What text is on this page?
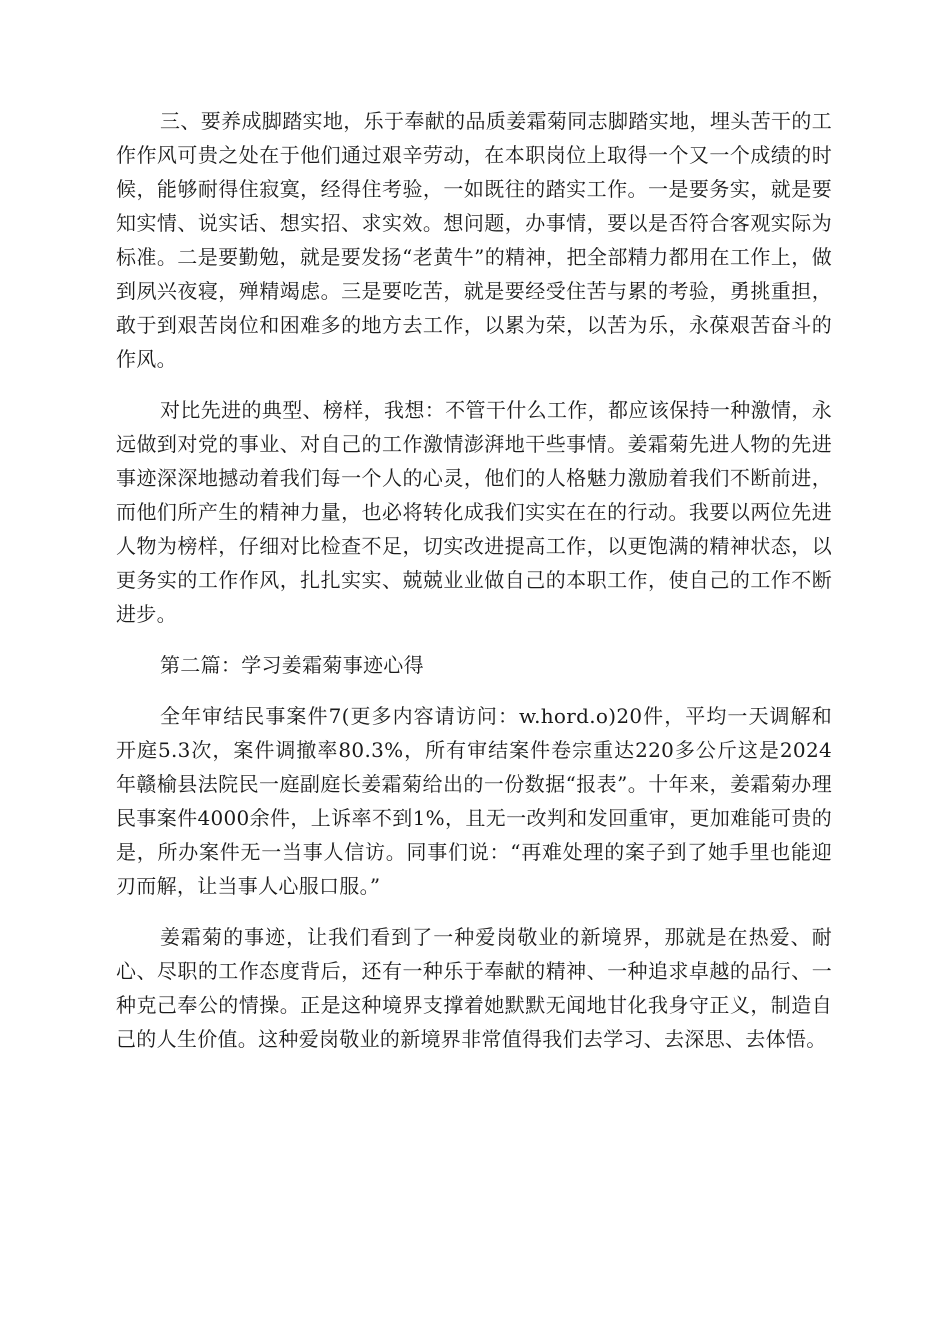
三、要养成脚踏实地，乐于奉献的品质姜霜菊同志脚踏实地，埋头苦干的工作作风可贵之处在于他们通过艰辛劳动，在本职岗位上取得一个又一个成绩的时候，能够耐得住寂寞，经得住考验，一如既往的踏实工作。一是要务实，就是要知实情、说实话、想实招、求实效。想问题，办事情，要以是否符合客观实际为标准。二是要勤勉，就是要发扬“老黄牛”的精神，把全部精力都用在工作上，做到夙兴夜寝，殚精竭虑。三是要吃苦，就是要经受住苦与累的考验，勇挑重担，敢于到艰苦岗位和困难多的地方去工作，以累为荣，以苦为乐，永葆艰苦奋斗的作风。

对比先进的典型、榜样，我想：不管干什么工作，都应该保持一种激情，永远做到对党的事业、对自己的工作激情澎湃地干些事情。姜霜菊先进人物的先进事迹深深地撼动着我们每一个人的心灵，他们的人格魅力激励着我们不断前进，而他们所产生的精神力量，也必将转化成我们实实在在的行动。我要以两位先进人物为榜样，仔细对比检查不足，切实改进提高工作，以更饱满的精神状态，以更务实的工作作风，扎扎实实、兢兢业业做自己的本职工作，使自己的工作不断进步。

第二篇：学习姜霜菊事迹心得

全年审结民事案件7(更多内容请访问：w.hord.o)20件，平均一天调解和开庭5.3次，案件调撤率80.3%，所有审结案件卷宗重达220多公斤这是2024年赣榆县法院民一庭副庭长姜霜菊给出的一份数据“报表”。十年来，姜霜菊办理民事案件4000余件，上诉率不到1%，且无一改判和发回重审，更加难能可贵的是，所办案件无一当事人信访。同事们说：“再难处理的案子到了她手里也能迎刃而解，让当事人心服口服。”

姜霜菊的事迹，让我们看到了一种爱岗敬业的新境界，那就是在热爱、耐心、尽职的工作态度背后，还有一种乐于奉献的精神、一种追求卓越的品行、一种克己奉公的情操。正是这种境界支撑着她默默无闻地甘化我身守正义，制造自己的人生价值。这种爱岗敬业的新境界非常值得我们去学习、去深思、去体悟。
